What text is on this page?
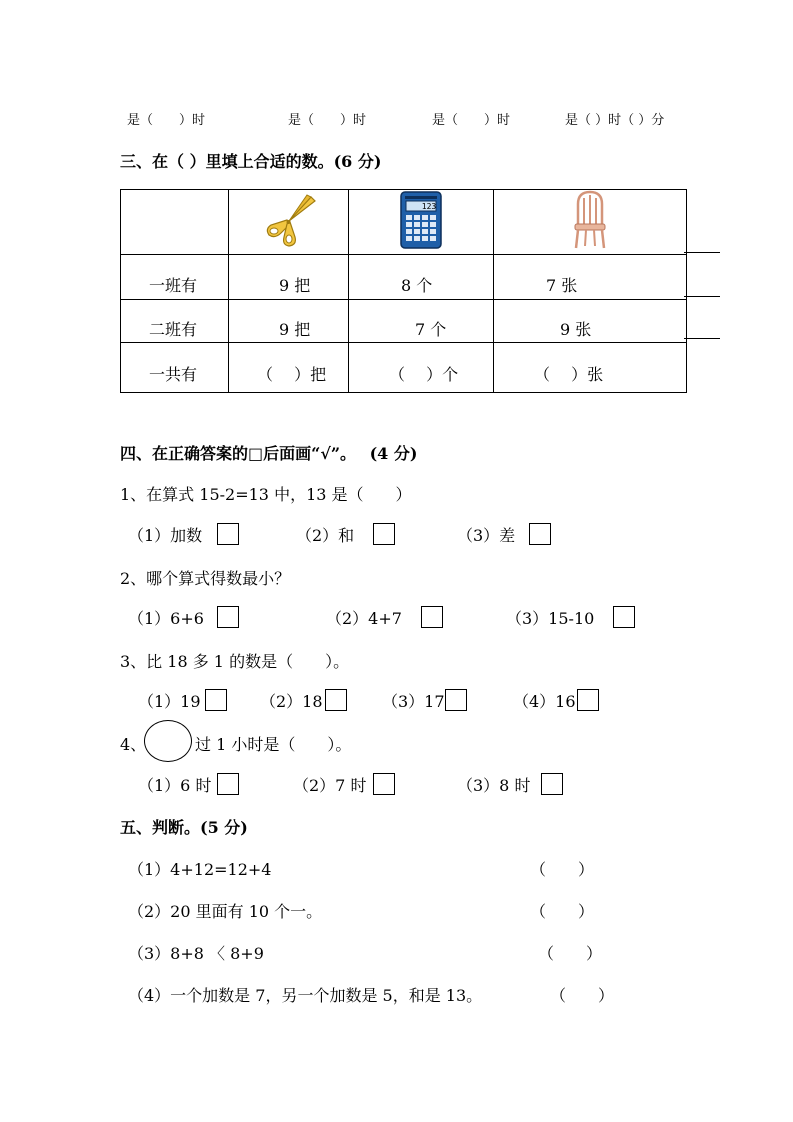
是（　　）时	是（　　）时	是（　　）时	是（ ）时（ ）分
三、在（ ）里填上合适的数。(6 分)

123

一班有	9 把	8 个	7 张

二班有	9 把	7 个	9 张

一共有	（　 ）把	（　 ）个	（　 ）张
四、在正确答案的□后面画“√”。　 (4 分)
1、在算式 15-2=13 中，13 是（　　）
（1）加数	（2）和	（3）差
2、哪个算式得数最小？
（1）6+6	（2）4+7	（3）15-10
3、比 18 多 1 的数是（　　）。
（1）19	（2）18	（3）17	（4）16
4、	过 1 小时是（　　）。
（1）6 时	（2）7 时	（3）8 时
五、判断。(5 分)
（1）4+12=12+4	（　　）
（2）20 里面有 10 个一。	（　　）
（3）8+8 〈 8+9	（　　）
（4）一个加数是 7，另一个加数是 5，和是 13。	（　　）
